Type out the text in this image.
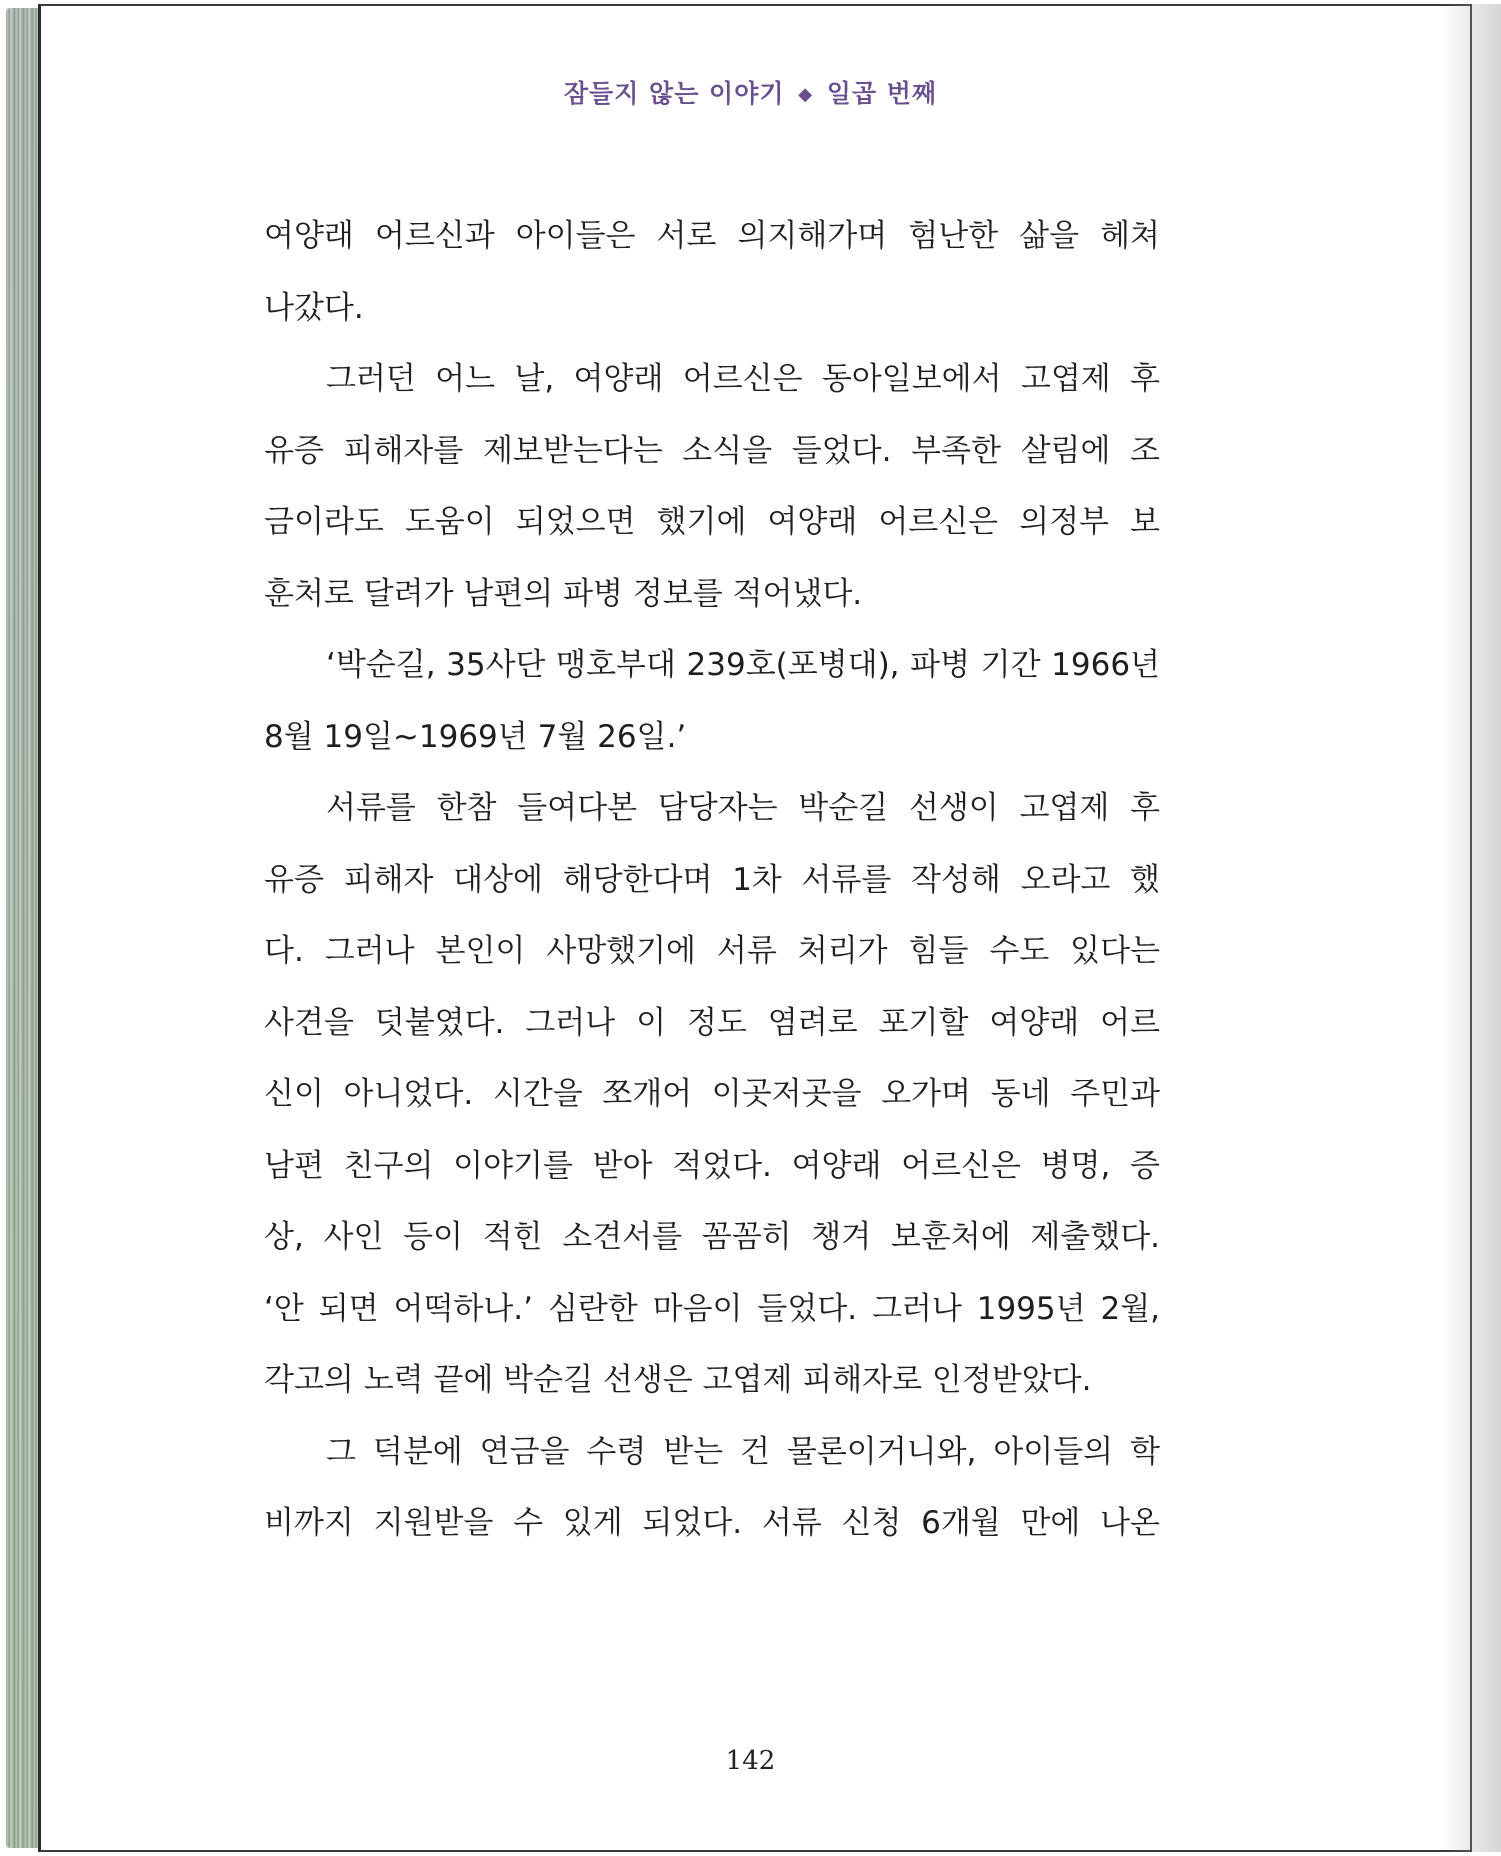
잠들지 않는 이야기 ◆ 일곱 번째
여양래 어르신과 아이들은 서로 의지해가며 험난한 삶을 헤쳐
나갔다.
그러던 어느 날, 여양래 어르신은 동아일보에서 고엽제 후
유증 피해자를 제보받는다는 소식을 들었다. 부족한 살림에 조
금이라도 도움이 되었으면 했기에 여양래 어르신은 의정부 보
훈처로 달려가 남편의 파병 정보를 적어냈다.
‘박순길, 35사단 맹호부대 239호(포병대), 파병 기간 1966년
8월 19일~1969년 7월 26일.’
서류를 한참 들여다본 담당자는 박순길 선생이 고엽제 후
유증 피해자 대상에 해당한다며 1차 서류를 작성해 오라고 했
다. 그러나 본인이 사망했기에 서류 처리가 힘들 수도 있다는
사견을 덧붙였다. 그러나 이 정도 염려로 포기할 여양래 어르
신이 아니었다. 시간을 쪼개어 이곳저곳을 오가며 동네 주민과
남편 친구의 이야기를 받아 적었다. 여양래 어르신은 병명, 증
상, 사인 등이 적힌 소견서를 꼼꼼히 챙겨 보훈처에 제출했다.
‘안 되면 어떡하나.’ 심란한 마음이 들었다. 그러나 1995년 2월,
각고의 노력 끝에 박순길 선생은 고엽제 피해자로 인정받았다.
그 덕분에 연금을 수령 받는 건 물론이거니와, 아이들의 학
비까지 지원받을 수 있게 되었다. 서류 신청 6개월 만에 나온
142
